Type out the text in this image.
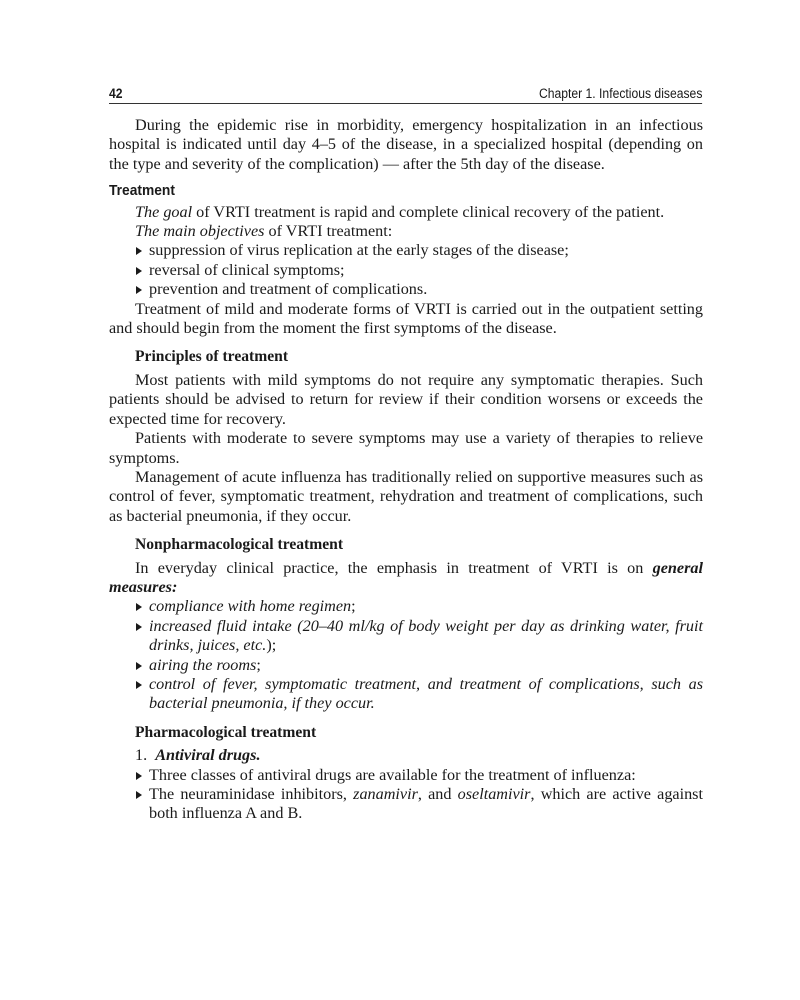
42	Chapter 1. Infectious diseases

During the epidemic rise in morbidity, emergency hospitalization in an infectious hospital is indicated until day 4–5 of the disease, in a specialized hospital (depending on the type and severity of the complication) — after the 5th day of the disease.

Treatment

The goal of VRTI treatment is rapid and complete clinical recovery of the patient.

The main objectives of VRTI treatment:

suppression of virus replication at the early stages of the disease;
reversal of clinical symptoms;
prevention and treatment of complications.

Treatment of mild and moderate forms of VRTI is carried out in the outpatient setting and should begin from the moment the first symptoms of the disease.

Principles of treatment

Most patients with mild symptoms do not require any symptomatic therapies. Such patients should be advised to return for review if their condition worsens or exceeds the expected time for recovery.

Patients with moderate to severe symptoms may use a variety of therapies to relieve symptoms.

Management of acute influenza has traditionally relied on supportive measures such as control of fever, symptomatic treatment, rehydration and treatment of complications, such as bacterial pneumonia, if they occur.

Nonpharmacological treatment

In everyday clinical practice, the emphasis in treatment of VRTI is on general measures:

compliance with home regimen;
increased fluid intake (20–40 ml/kg of body weight per day as drinking water, fruit drinks, juices, etc.);
airing the rooms;
control of fever, symptomatic treatment, and treatment of complications, such as bacterial pneumonia, if they occur.
Pharmacological treatment

1. Antiviral drugs.

Three classes of antiviral drugs are available for the treatment of influenza:
The neuraminidase inhibitors, zanamivir, and oseltamivir, which are active against both influenza A and B.
